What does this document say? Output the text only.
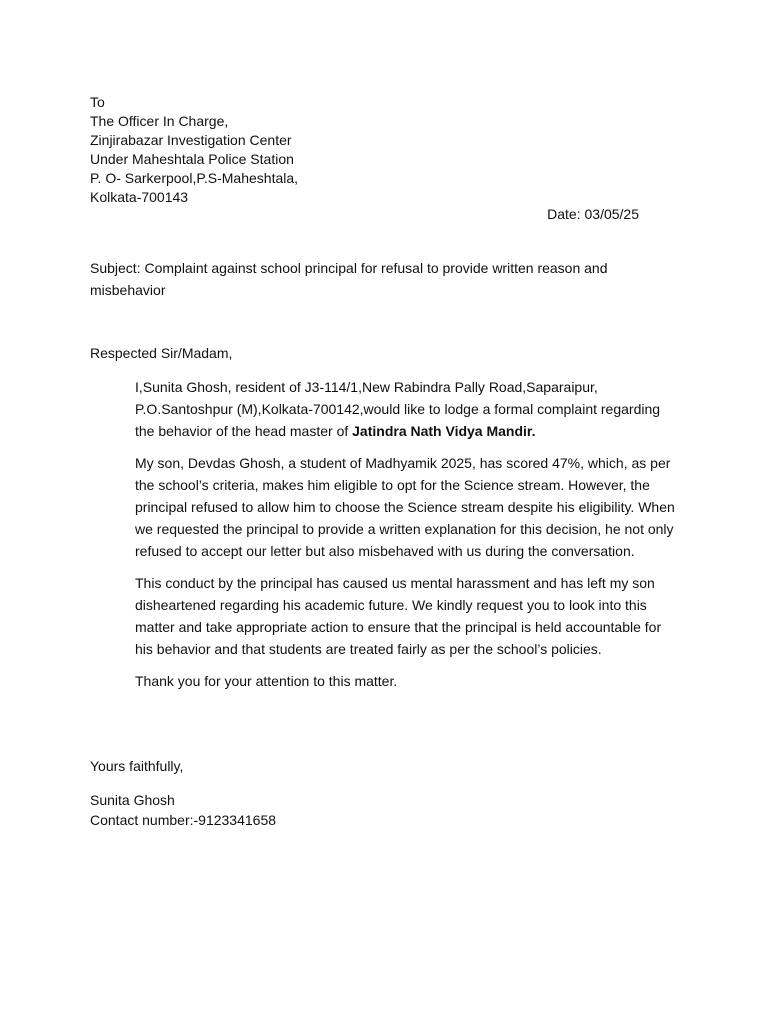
To
The Officer In Charge,
Zinjirabazar Investigation Center
Under Maheshtala Police Station
P. O- Sarkerpool,P.S-Maheshtala,
Kolkata-700143
Date: 03/05/25
Subject: Complaint against school principal for refusal to provide written reason and misbehavior
Respected Sir/Madam,

I,Sunita Ghosh, resident of J3-114/1,New Rabindra Pally Road,Saparaipur, P.O.Santoshpur (M),Kolkata-700142,would like to lodge a formal complaint regarding the behavior of the head master of Jatindra Nath Vidya Mandir.

My son, Devdas Ghosh, a student of Madhyamik 2025, has scored 47%, which, as per the school’s criteria, makes him eligible to opt for the Science stream. However, the principal refused to allow him to choose the Science stream despite his eligibility. When we requested the principal to provide a written explanation for this decision, he not only refused to accept our letter but also misbehaved with us during the conversation.

This conduct by the principal has caused us mental harassment and has left my son disheartened regarding his academic future. We kindly request you to look into this matter and take appropriate action to ensure that the principal is held accountable for his behavior and that students are treated fairly as per the school’s policies.

Thank you for your attention to this matter.

Yours faithfully,
Sunita Ghosh
Contact number:-9123341658
